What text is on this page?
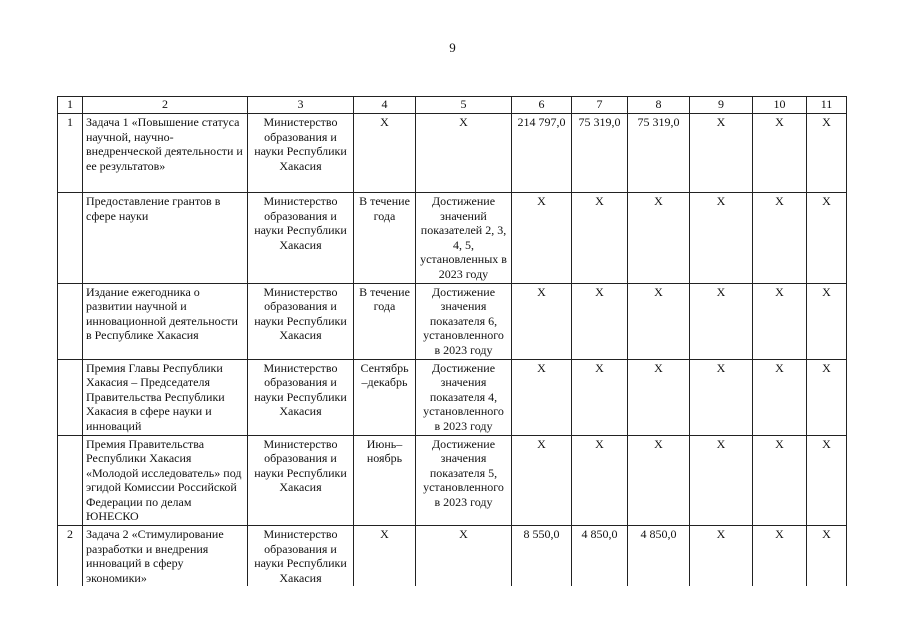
9
1	2	3	4	5	6	7	8	9	10	11
1	Задача 1 «Повышение статуса научной, научно-внедренческой деятельности и ее результатов»	Министерство образования и науки Республики Хакасия	Х	Х	214 797,0	75 319,0	75 319,0	Х	Х	Х
	Предоставление грантов в сфере науки	Министерство образования и науки Республики Хакасия	В течение года	Достижение значений показателей 2, 3, 4, 5, установленных в 2023 году	Х	Х	Х	Х	Х	Х
	Издание ежегодника о развитии научной и инновационной деятельности в Республике Хакасия	Министерство образования и науки Республики Хакасия	В течение года	Достижение значения показателя 6, установленного в 2023 году	Х	Х	Х	Х	Х	Х
	Премия Главы Республики Хакасия – Председателя Правительства Республики Хакасия в сфере науки и инноваций	Министерство образования и науки Республики Хакасия	Сентябрь –декабрь	Достижение значения показателя 4, установленного в 2023 году	Х	Х	Х	Х	Х	Х
	Премия Правительства Республики Хакасия «Молодой исследователь» под эгидой Комиссии Российской Федерации по делам ЮНЕСКО	Министерство образования и науки Республики Хакасия	Июнь– ноябрь	Достижение значения показателя 5, установленного в 2023 году	Х	Х	Х	Х	Х	Х
2	Задача 2 «Стимулирование разработки и внедрения инноваций в сферу экономики»	Министерство образования и науки Республики Хакасия	Х	Х	8 550,0	4 850,0	4 850,0	Х	Х	Х
